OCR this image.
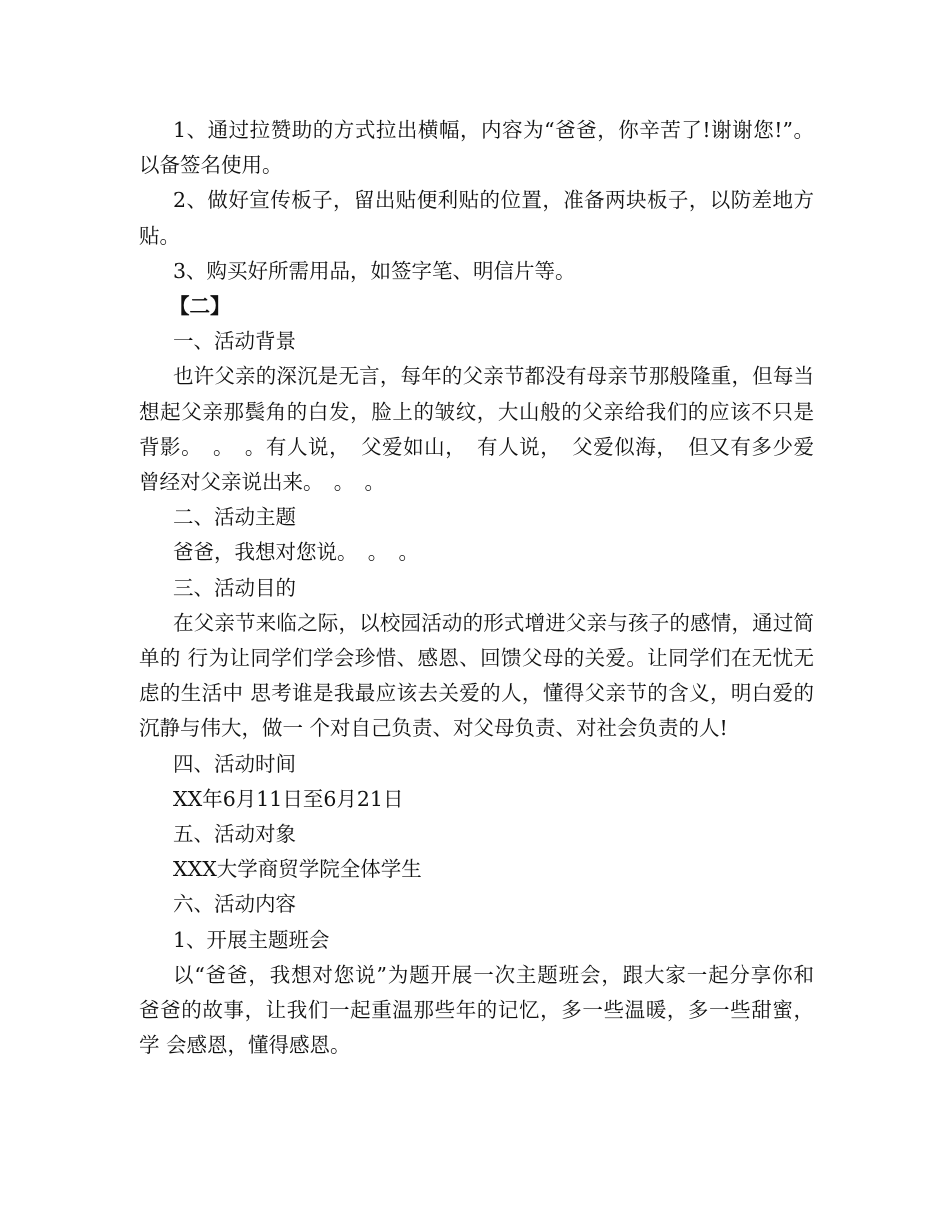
1、通过拉赞助的方式拉出横幅，内容为“爸爸，你辛苦了!谢谢您!”。以备签名使用。

2、做好宣传板子，留出贴便利贴的位置，准备两块板子，以防差地方贴。

3、购买好所需用品，如签字笔、明信片等。

【二】

一、活动背景

也许父亲的深沉是无言，每年的父亲节都没有母亲节那般隆重，但每当想起父亲那鬓角的白发，脸上的皱纹，大山般的父亲给我们的应该不只是背影。　。　。有人说，　父爱如山，　有人说，　父爱似海，　但又有多少爱曾经对父亲说出来。　。　。

二、活动主题

爸爸，我想对您说。　。　。

三、活动目的

在父亲节来临之际，以校园活动的形式增进父亲与孩子的感情，通过简单的 行为让同学们学会珍惜、感恩、回馈父母的关爱。让同学们在无忧无虑的生活中 思考谁是我最应该去关爱的人，懂得父亲节的含义，明白爱的沉静与伟大，做一 个对自己负责、对父母负责、对社会负责的人!

四、活动时间

XX年6月11日至6月21日

五、活动对象

XXX大学商贸学院全体学生

六、活动内容

1、开展主题班会

以“爸爸，我想对您说”为题开展一次主题班会，跟大家一起分享你和 爸爸的故事，让我们一起重温那些年的记忆，多一些温暖，多一些甜蜜，学 会感恩，懂得感恩。
